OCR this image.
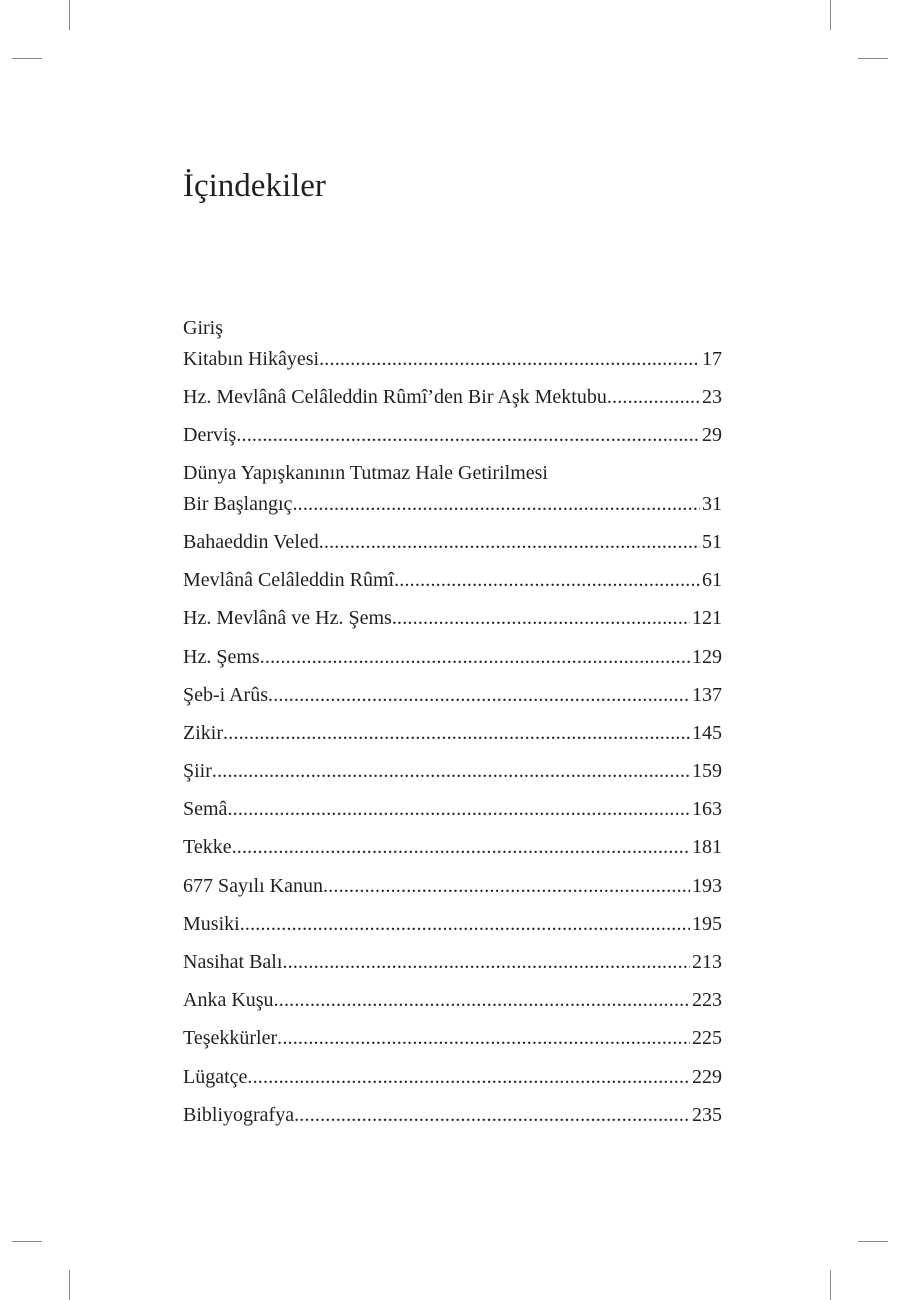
İçindekiler
Giriş
Kitabın Hikâyesi .....	17
Hz. Mevlânâ Celâleddin Rûmî’den Bir Aşk Mektubu .....	23
Derviş .....	29
Dünya Yapışkanının Tutmaz Hale Getirilmesi
Bir Başlangıç .....	31
Bahaeddin Veled .....	51
Mevlânâ Celâleddin Rûmî .....	61
Hz. Mevlânâ ve Hz. Şems .....	121
Hz. Şems .....	129
Şeb-i Arûs .....	137
Zikir .....	145
Şiir .....	159
Semâ .....	163
Tekke .....	181
677 Sayılı Kanun .....	193
Musiki .....	195
Nasihat Balı .....	213
Anka Kuşu .....	223
Teşekkürler .....	225
Lügatçe .....	229
Bibliyografya .....	235
